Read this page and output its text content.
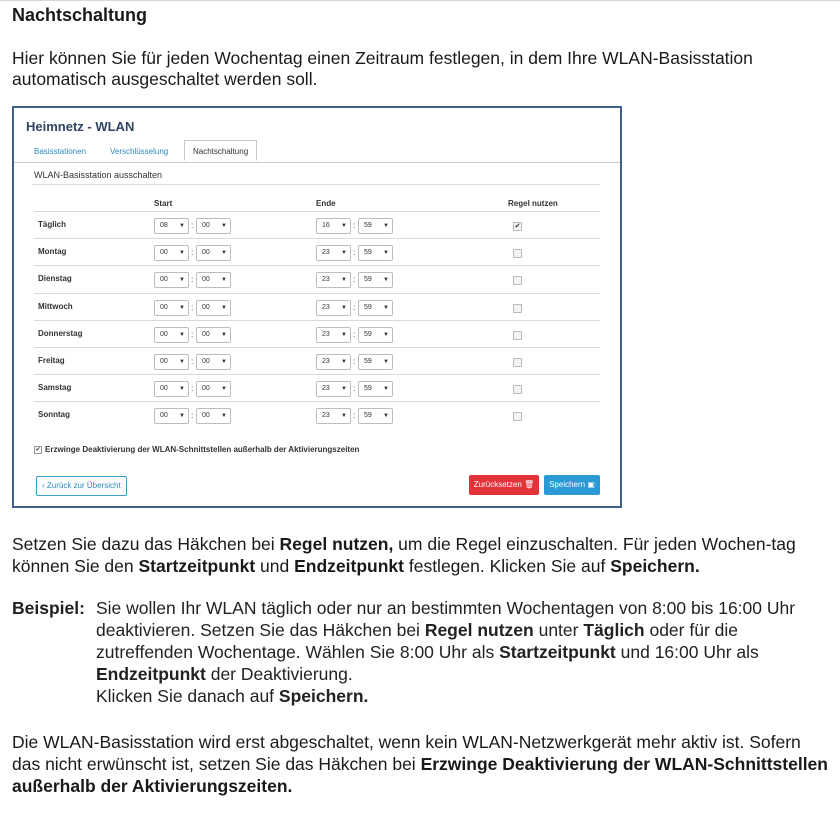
Nachtschaltung
Hier können Sie für jeden Wochentag einen Zeitraum festlegen, in dem Ihre WLAN-Basisstation automatisch ausgeschaltet werden soll.
Heimnetz - WLAN
Basisstationen	Verschlüsselung	Nachtschaltung
WLAN-Basisstation ausschalten
Start	Ende	Regel nutzen
Täglich	08 ▼ :	00 ▼	16 ▼ :	59 ▼	✔
Montag	00 ▼ :	00 ▼	23 ▼ :	59 ▼
Dienstag	00 ▼ :	00 ▼	23 ▼ :	59 ▼
Mittwoch	00 ▼ :	00 ▼	23 ▼ :	59 ▼
Donnerstag	00 ▼ :	00 ▼	23 ▼ :	59 ▼
Freitag	00 ▼ :	00 ▼	23 ▼ :	59 ▼
Samstag	00 ▼ :	00 ▼	23 ▼ :	59 ▼
Sonntag	00 ▼ :	00 ▼	23 ▼ :	59 ▼
✔ Erzwinge Deaktivierung der WLAN-Schnittstellen außerhalb der Aktivierungszeiten
‹ Zurück zur Übersicht	Zurücksetzen 🗑	Speichern ▣
Setzen Sie dazu das Häkchen bei Regel nutzen, um die Regel einzuschalten. Für jeden Wochen-tag können Sie den Startzeitpunkt und Endzeitpunkt festlegen. Klicken Sie auf Speichern.
Beispiel: Sie wollen Ihr WLAN täglich oder nur an bestimmten Wochentagen von 8:00 bis 16:00 Uhr deaktivieren. Setzen Sie das Häkchen bei Regel nutzen unter Täglich oder für die zutreffenden Wochentage. Wählen Sie 8:00 Uhr als Startzeitpunkt und 16:00 Uhr als Endzeitpunkt der Deaktivierung.
Klicken Sie danach auf Speichern.
Die WLAN-Basisstation wird erst abgeschaltet, wenn kein WLAN-Netzwerkgerät mehr aktiv ist. Sofern das nicht erwünscht ist, setzen Sie das Häkchen bei Erzwinge Deaktivierung der WLAN-Schnittstellen außerhalb der Aktivierungszeiten.
